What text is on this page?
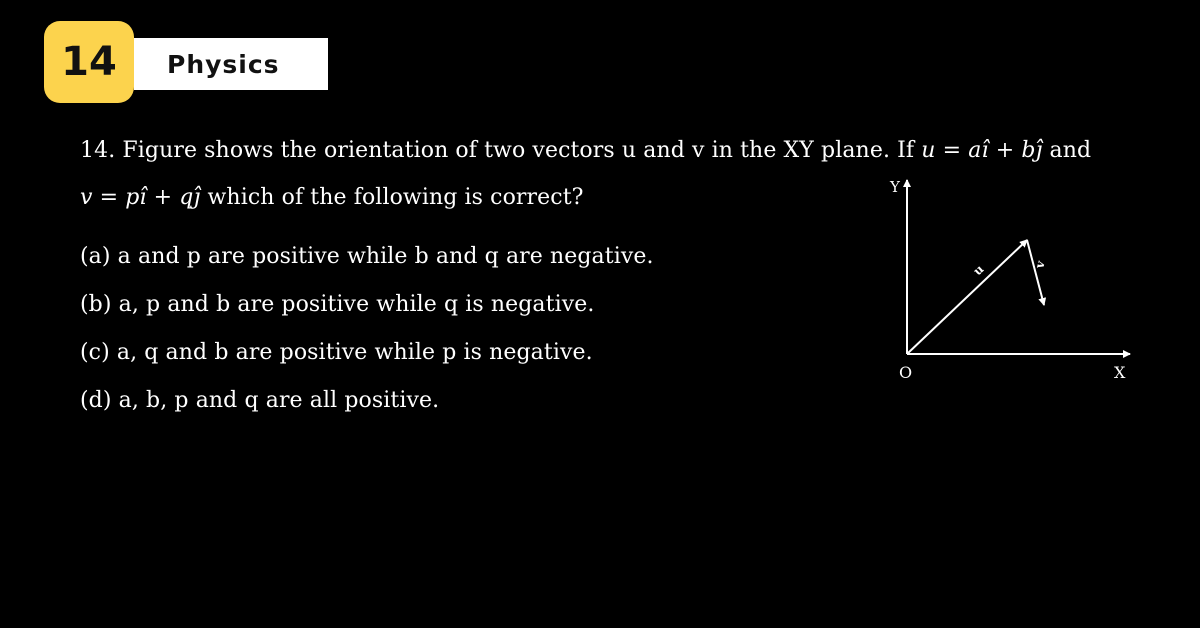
14	Physics
14. Figure shows the orientation of two vectors u and v in the XY plane. If u = aî + bĵ and
v = pî + qĵ which of the following is correct?
(a) a and p are positive while b and q are negative.
(b) a, p and b are positive while q is negative.
(c) a, q and b are positive while p is negative.
(d) a, b, p and q are all positive.
Y
X
O
u	v
